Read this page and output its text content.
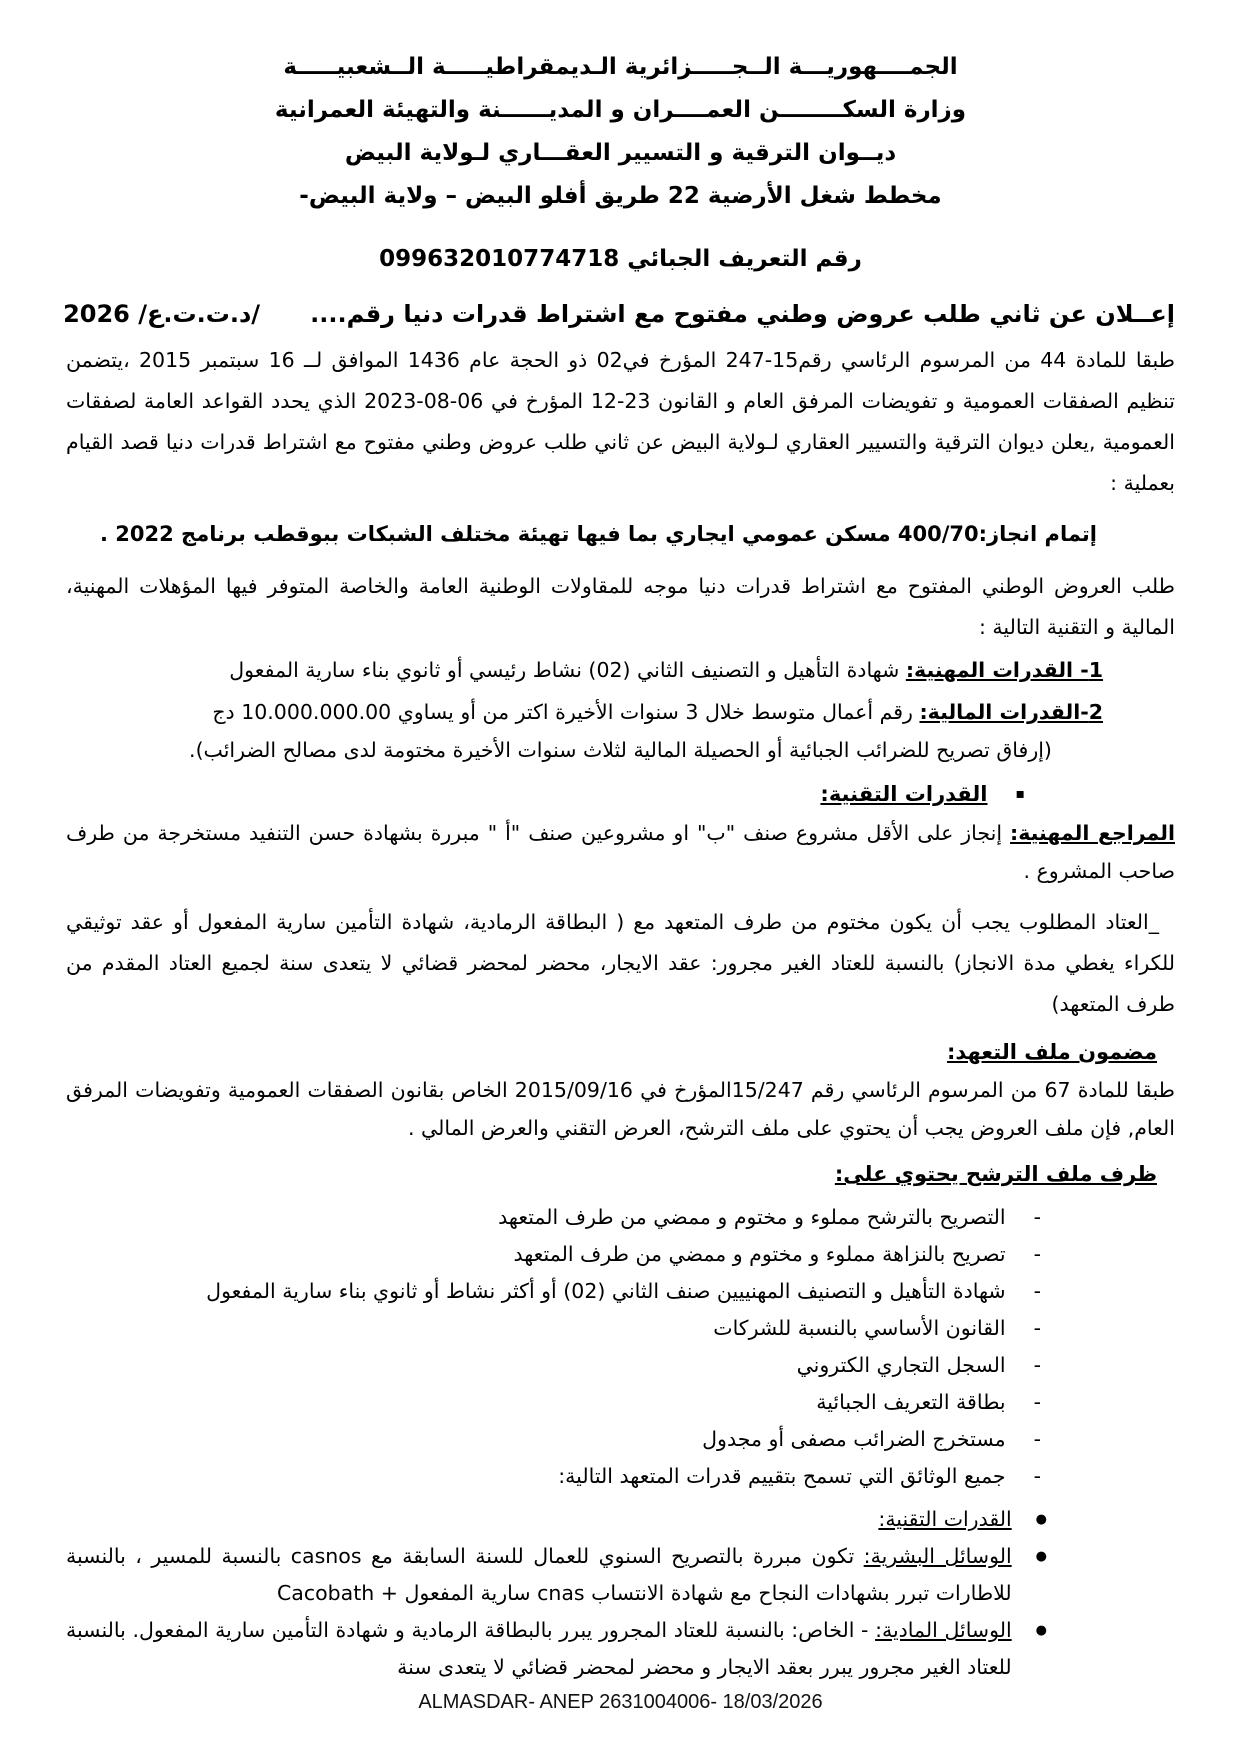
الجمــــهوريـــة الــجـــــزائرية الـديمقراطيـــــة الــشعبيـــــة
وزارة السكــــــــن العمــــران و المديــــــنة والتهيئة العمرانية
ديــوان الترقية و التسيير العقـــاري لـولاية البيض
مخطط شغل الأرضية 22 طريق أفلو البيض – ولاية البيض-
رقم التعريف الجبائي 099632010774718
إعــلان عن ثاني طلب عروض وطني مفتوح مع اشتراط قدرات دنيا رقم....      /د.ت.ت.ع/ 2026
طبقا للمادة 44 من المرسوم الرئاسي رقم15-247 المؤرخ في02 ذو الحجة عام 1436 الموافق لــ 16 سبتمبر 2015 ،يتضمن تنظيم الصفقات العمومية و تفويضات المرفق العام و القانون 23-12 المؤرخ في 06-08-2023 الذي يحدد القواعد العامة لصفقات العمومية ,يعلن ديوان الترقية والتسيير العقاري لـولاية البيض عن ثاني طلب عروض وطني مفتوح مع اشتراط قدرات دنيا قصد القيام بعملية :
إتمام انجاز:400/70 مسكن عمومي ايجاري بما فيها تهيئة مختلف الشبكات ببوقطب برنامج 2022 .
طلب العروض الوطني المفتوح مع اشتراط قدرات دنيا موجه للمقاولات الوطنية العامة والخاصة المتوفر فيها المؤهلات المهنية، المالية و التقنية التالية :
1- القدرات المهنية: شهادة التأهيل و التصنيف الثاني (02) نشاط رئيسي أو ثانوي بناء سارية المفعول
2-القدرات المالية: رقم أعمال متوسط خلال 3 سنوات الأخيرة اكتر من أو يساوي 10.000.000.00 دج
(إرفاق تصريح للضرائب الجبائية أو الحصيلة المالية لثلاث سنوات الأخيرة مختومة لدى مصالح الضرائب).
▪
القدرات التقنية:
المراجع المهنية: إنجاز على الأقل مشروع صنف "ب" او مشروعين صنف "أ " مبررة بشهادة حسن التنفيد مستخرجة من طرف صاحب المشروع .
_العتاد المطلوب يجب أن يكون مختوم من طرف المتعهد مع ( البطاقة الرمادية، شهادة التأمين سارية المفعول أو عقد توثيقي للكراء يغطي مدة الانجاز) بالنسبة للعتاد الغير مجرور: عقد الايجار، محضر لمحضر قضائي لا يتعدى سنة لجميع العتاد المقدم من طرف المتعهد)
مضمون ملف التعهد:
طبقا للمادة 67 من المرسوم الرئاسي رقم 15/247المؤرخ في 2015/09/16 الخاص بقانون الصفقات العمومية وتفويضات المرفق العام, فإن ملف العروض يجب أن يحتوي على ملف الترشح، العرض التقني والعرض المالي .
ظرف ملف الترشح يحتوي على:
-
التصريح بالترشح مملوء و مختوم و ممضي من طرف المتعهد
-
تصريح بالنزاهة مملوء و مختوم و ممضي من طرف المتعهد
-
شهادة التأهيل و التصنيف المهنييين صنف الثاني (02) أو أكثر نشاط أو ثانوي بناء سارية المفعول
-
القانون الأساسي بالنسبة للشركات
-
السجل التجاري الكتروني
-
بطاقة التعريف الجبائية
-
مستخرج الضرائب مصفى أو مجدول
-
جميع الوثائق التي تسمح بتقييم قدرات المتعهد التالية:
●
القدرات التقنية:
●
الوسائل البشرية: تكون مبررة بالتصريح السنوي للعمال للسنة السابقة مع casnos بالنسبة للمسير ، بالنسبة للاطارات تبرر بشهادات النجاح مع شهادة الانتساب cnas سارية المفعول + Cacobath
●
الوسائل المادية: - الخاص: بالنسبة للعتاد المجرور يبرر بالبطاقة الرمادية و شهادة التأمين سارية المفعول. بالنسبة للعتاد الغير مجرور يبرر بعقد الايجار و محضر لمحضر قضائي لا يتعدى سنة
ALMASDAR- ANEP 2631004006- 18/03/2026
